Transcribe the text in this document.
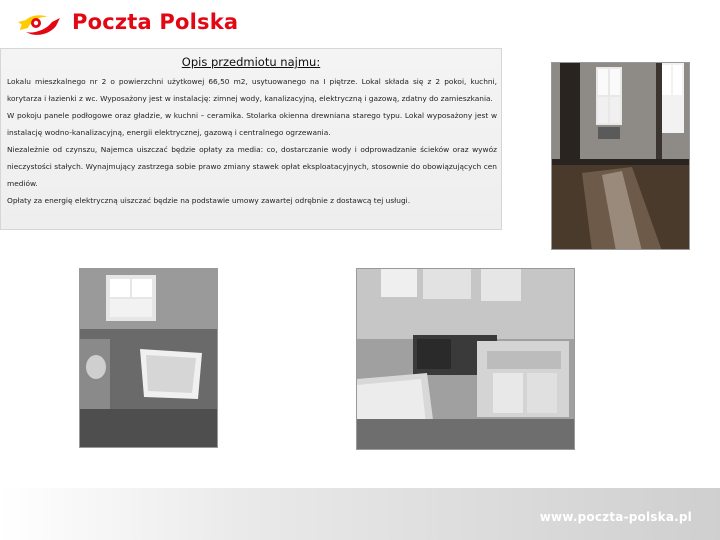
Poczta Polska
Opis przedmiotu najmu:

Lokalu mieszkalnego nr 2 o powierzchni użytkowej 66,50 m2, usytuowanego na I piętrze. Lokal składa się z 2 pokoi, kuchni, korytarza i łazienki z wc. Wyposażony jest w instalację: zimnej wody, kanalizacyjną, elektryczną i gazową, zdatny do zamieszkania.

W pokoju panele podłogowe oraz gładzie, w kuchni – ceramika. Stolarka okienna drewniana starego typu. Lokal wyposażony jest w instalację wodno-kanalizacyjną, energii elektrycznej, gazową i centralnego ogrzewania.

Niezależnie od czynszu, Najemca uiszczać będzie opłaty za media: co, dostarczanie wody i odprowadzanie ścieków oraz wywóz nieczystości stałych. Wynajmujący zastrzega sobie prawo zmiany stawek opłat eksploatacyjnych, stosownie do obowiązujących cen mediów.

Opłaty za energię elektryczną uiszczać będzie na podstawie umowy zawartej odrębnie z dostawcą tej usługi.

www.poczta-polska.pl
